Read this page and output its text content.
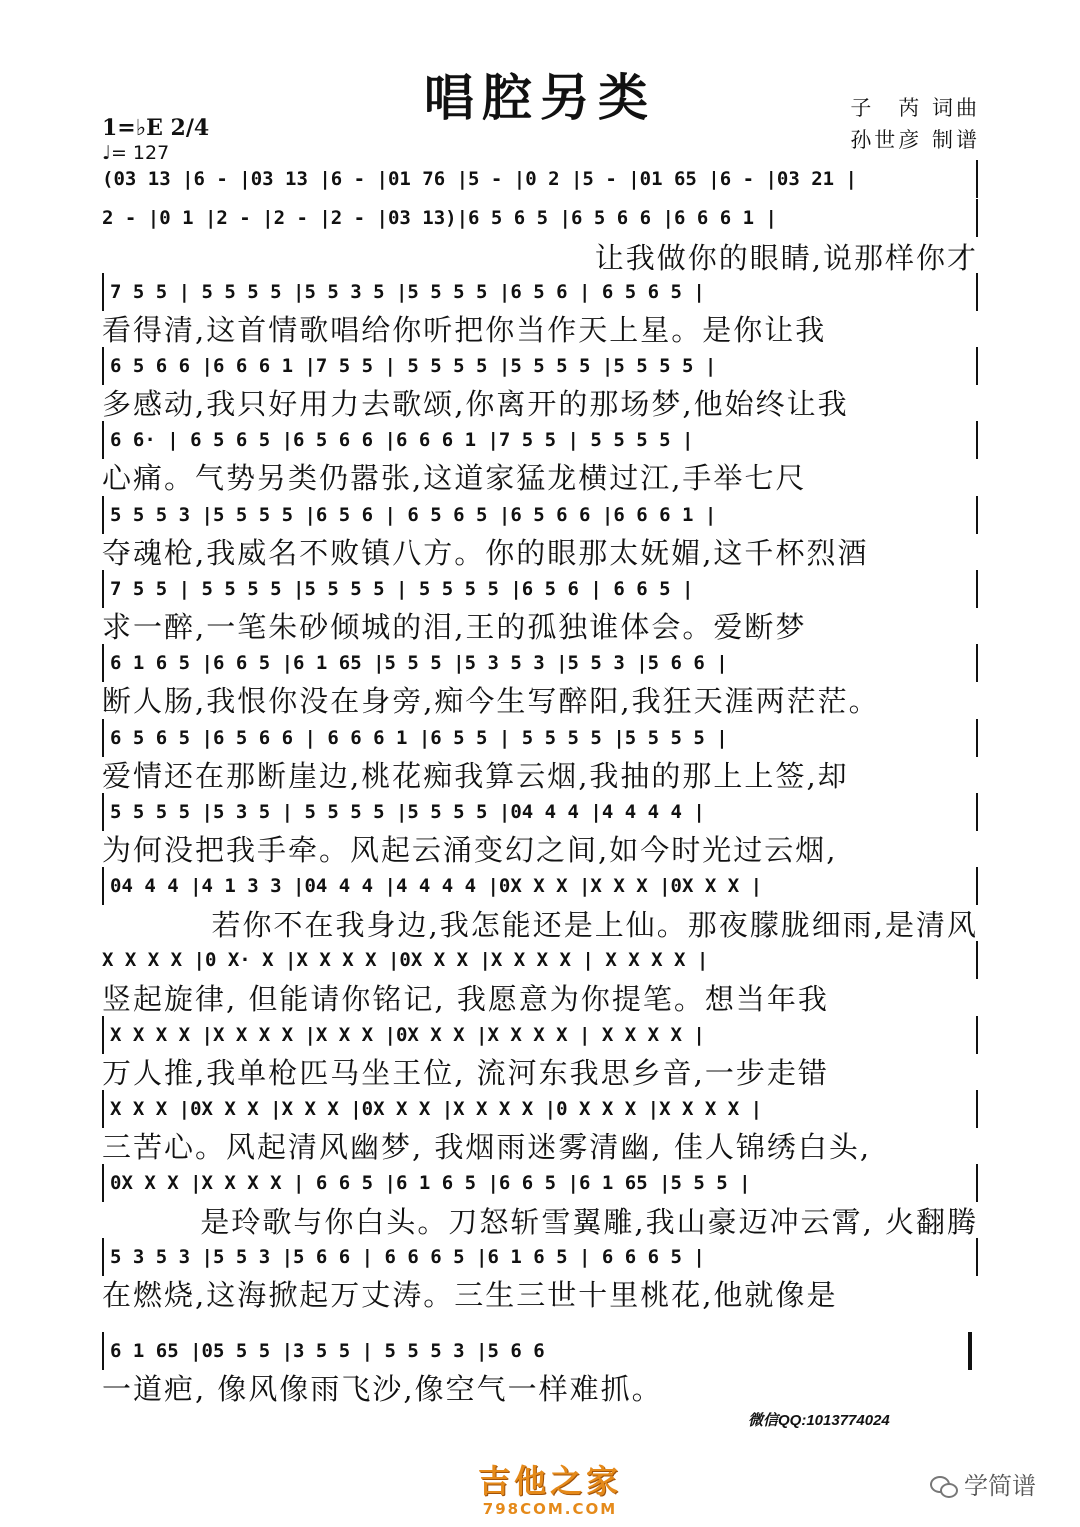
唱腔另类	子　芮 词曲
孙世彦 制谱
1=♭E 2/4
♩= 127
(03 13 |6 - |03 13 |6 - |01 76 |5 - |0 2 |5 - |01 65 |6 - |03 21 |
2 - |0 1 |2 - |2 - |2 - |03 13)|6 5 6 5 |6 5 6 6 |6 6 6 1 |
让我做你的眼睛,说那样你才
7 5 5 | 5 5 5 5 |5 5 3 5 |5 5 5 5 |6 5 6 | 6 5 6 5 |
看得清,这首情歌唱给你听把你当作天上星。是你让我
6 5 6 6 |6 6 6 1 |7 5 5 | 5 5 5 5 |5 5 5 5 |5 5 5 5 |
多感动,我只好用力去歌颂,你离开的那场梦,他始终让我
6 6· | 6 5 6 5 |6 5 6 6 |6 6 6 1 |7 5 5 | 5 5 5 5 |
心痛。气势另类仍嚣张,这道家猛龙横过江,手举七尺
5 5 5 3 |5 5 5 5 |6 5 6 | 6 5 6 5 |6 5 6 6 |6 6 6 1 |
夺魂枪,我威名不败镇八方。你的眼那太妩媚,这千杯烈酒
7 5 5 | 5 5 5 5 |5 5 5 5 | 5 5 5 5 |6 5 6 | 6 6 5 |
求一醉,一笔朱砂倾城的泪,王的孤独谁体会。爱断梦
6 1 6 5 |6 6 5 |6 1 65 |5 5 5 |5 3 5 3 |5 5 3 |5 6 6 |
断人肠,我恨你没在身旁,痴今生写醉阳,我狂天涯两茫茫。
6 5 6 5 |6 5 6 6 | 6 6 6 1 |6 5 5 | 5 5 5 5 |5 5 5 5 |
爱情还在那断崖边,桃花痴我算云烟,我抽的那上上签,却
5 5 5 5 |5 3 5 | 5 5 5 5 |5 5 5 5 |04 4 4 |4 4 4 4 |
为何没把我手牵。风起云涌变幻之间,如今时光过云烟,
04 4 4 |4 1 3 3 |04 4 4 |4 4 4 4 |0X X X |X X X |0X X X |
若你不在我身边,我怎能还是上仙。那夜朦胧细雨,是清风
X X X X |0 X· X |X X X X |0X X X |X X X X | X X X X |
竖起旋律, 但能请你铭记, 我愿意为你提笔。想当年我
X X X X |X X X X |X X X |0X X X |X X X X | X X X X |
万人推,我单枪匹马坐王位, 流河东我思乡音,一步走错
X X X |0X X X |X X X |0X X X |X X X X |0 X X X |X X X X |
三苦心。风起清风幽梦, 我烟雨迷雾清幽, 佳人锦绣白头,
0X X X |X X X X | 6 6 5 |6 1 6 5 |6 6 5 |6 1 65 |5 5 5 |
是玲歌与你白头。刀怒斩雪翼雕,我山豪迈冲云霄, 火翻腾
5 3 5 3 |5 5 3 |5 6 6 | 6 6 6 5 |6 1 6 5 | 6 6 6 5 |
在燃烧,这海掀起万丈涛。三生三世十里桃花,他就像是
6 1 65 |05 5 5 |3 5 5 | 5 5 5 3 |5 6 6
一道疤, 像风像雨飞沙,像空气一样难抓。
微信QQ:1013774024
吉他之家
798COM.COM
学简谱
